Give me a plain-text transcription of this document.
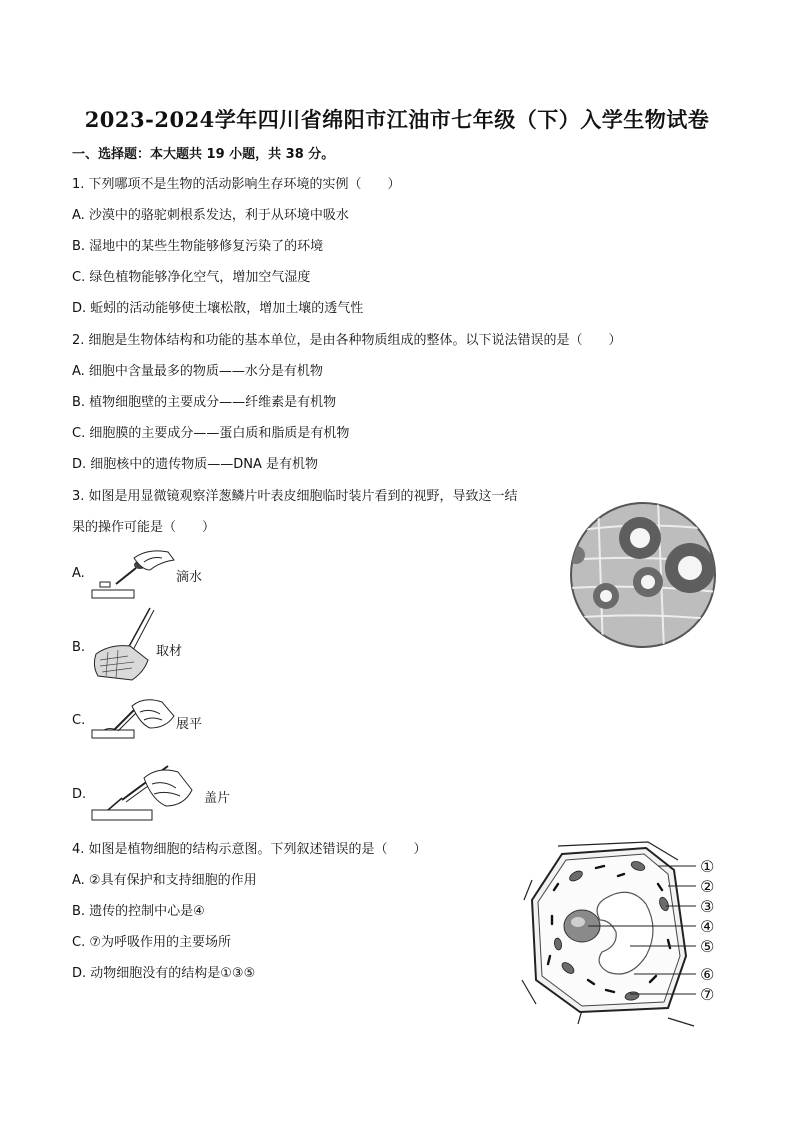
2023-2024学年四川省绵阳市江油市七年级（下）入学生物试卷
一、选择题：本大题共 19 小题，共 38 分。
1. 下列哪项不是生物的活动影响生存环境的实例（　　）
A. 沙漠中的骆驼刺根系发达，利于从环境中吸水
B. 湿地中的某些生物能够修复污染了的环境
C. 绿色植物能够净化空气，增加空气湿度
D. 蚯蚓的活动能够使土壤松散，增加土壤的透气性
2. 细胞是生物体结构和功能的基本单位，是由各种物质组成的整体。以下说法错误的是（　　）
A. 细胞中含量最多的物质——水分是有机物
B. 植物细胞壁的主要成分——纤维素是有机物
C. 细胞膜的主要成分——蛋白质和脂质是有机物
D. 细胞核中的遗传物质——DNA 是有机物
3. 如图是用显微镜观察洋葱鳞片叶表皮细胞临时装片看到的视野，导致这一结
果的操作可能是（　　）
A.	滴水
B.	取材
C.	展平
D.	盖片
4. 如图是植物细胞的结构示意图。下列叙述错误的是（　　）
A. ②具有保护和支持细胞的作用
B. 遗传的控制中心是④
C. ⑦为呼吸作用的主要场所
D. 动物细胞没有的结构是①③⑤
①
②
③
④
⑤
⑥
⑦
